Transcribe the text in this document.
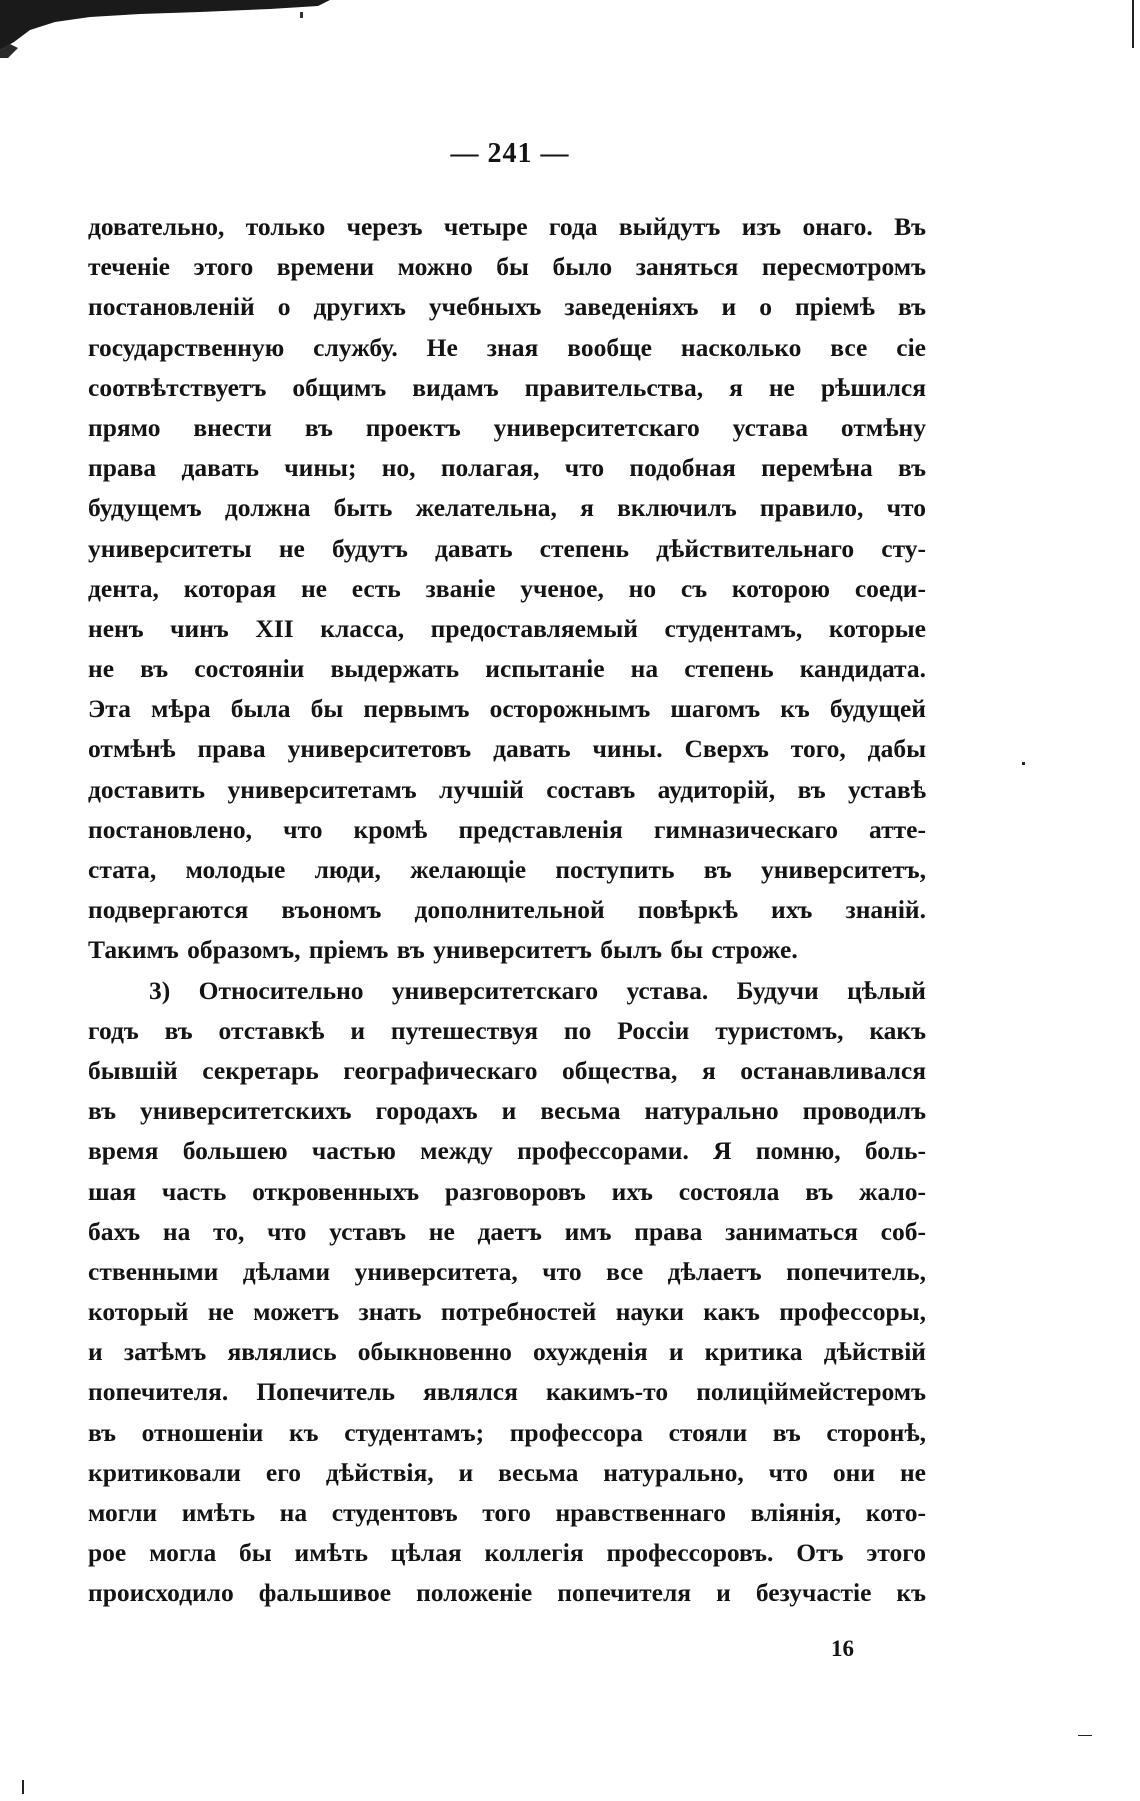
— 241 —
довательно, только черезъ четыре года выйдутъ изъ онаго. Въ
теченіе этого времени можно бы было заняться пересмотромъ
постановленій о другихъ учебныхъ заведеніяхъ и о пріемѣ въ
государственную службу. Не зная вообще насколько все сіе
соотвѣтствуетъ общимъ видамъ правительства, я не рѣшился
прямо внести въ проектъ университетскаго устава отмѣну
права давать чины; но, полагая, что подобная перемѣна въ
будущемъ должна быть желательна, я включилъ правило, что
университеты не будутъ давать степень дѣйствительнаго сту-
дента, которая не есть званіе ученое, но съ которою соеди-
ненъ чинъ XII класса, предоставляемый студентамъ, которые
не въ состояніи выдержать испытаніе на степень кандидата.
Эта мѣра была бы первымъ осторожнымъ шагомъ къ будущей
отмѣнѣ права университетовъ давать чины. Сверхъ того, дабы
доставить университетамъ лучшій составъ аудиторій, въ уставѣ
постановлено, что кромѣ представленія гимназическаго атте-
стата, молодые люди, желающіе поступить въ университетъ,
подвергаются въономъ дополнительной повѣркѣ ихъ знаній.
Такимъ образомъ, пріемъ въ университетъ былъ бы строже.
3) Относительно университетскаго устава. Будучи цѣлый
годъ въ отставкѣ и путешествуя по Россіи туристомъ, какъ
бывшій секретарь географическаго общества, я останавливался
въ университетскихъ городахъ и весьма натурально проводилъ
время большею частью между профессорами. Я помню, боль-
шая часть откровенныхъ разговоровъ ихъ состояла въ жало-
бахъ на то, что уставъ не даетъ имъ права заниматься соб-
ственными дѣлами университета, что все дѣлаетъ попечитель,
который не можетъ знать потребностей науки какъ профессоры,
и затѣмъ являлись обыкновенно охужденія и критика дѣйствій
попечителя. Попечитель являлся какимъ-то полиціймейстеромъ
въ отношеніи къ студентамъ; профессора стояли въ сторонѣ,
критиковали его дѣйствія, и весьма натурально, что они не
могли имѣть на студентовъ того нравственнаго вліянія, кото-
рое могла бы имѣть цѣлая коллегія профессоровъ. Отъ этого
происходило фальшивое положеніе попечителя и безучастіе къ
16
